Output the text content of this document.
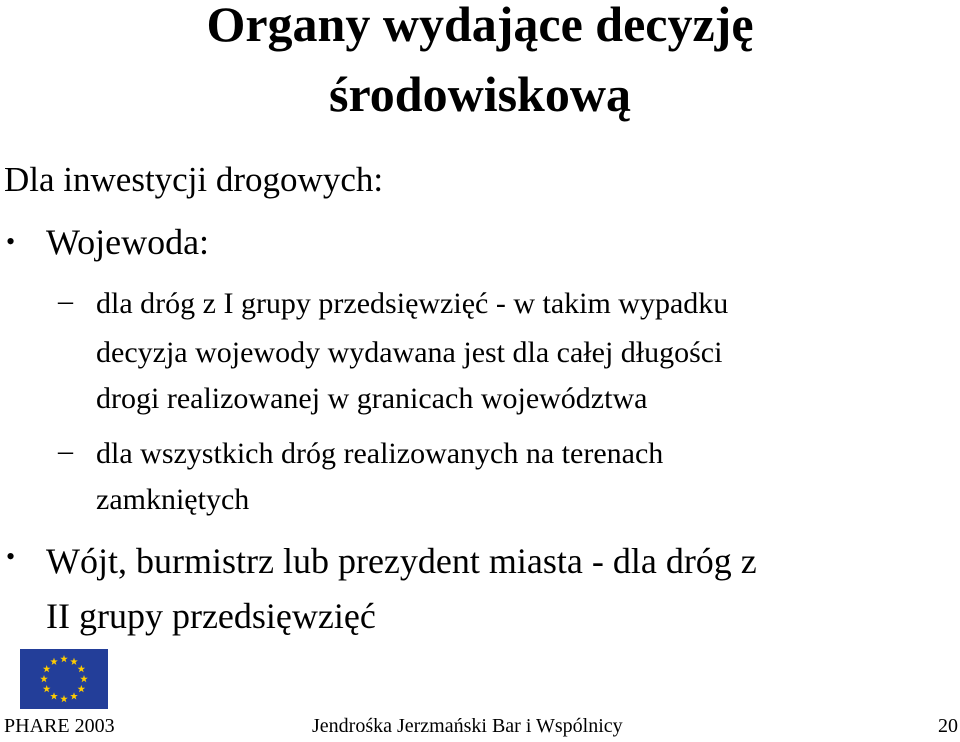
Organy wydające decyzję
środowiskową
Dla inwestycji drogowych:
• Wojewoda:
– dla dróg z I grupy przedsięwzięć - w takim wypadku
decyzja wojewody wydawana jest dla całej długości
drogi realizowanej w granicach województwa
– dla wszystkich dróg realizowanych na terenach
zamkniętych
• Wójt, burmistrz lub prezydent miasta - dla dróg z
II grupy przedsięwzięć
PHARE 2003	Jendrośka Jerzmański Bar i Wspólnicy	20
